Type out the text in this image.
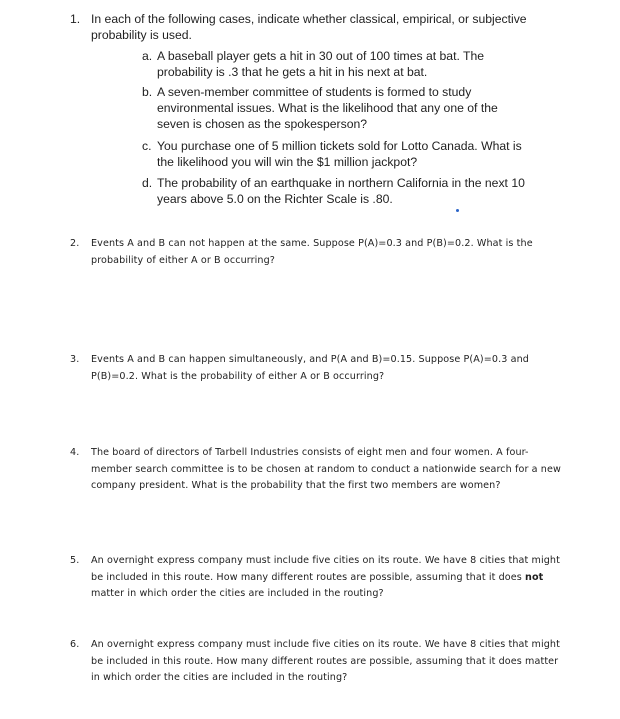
1. In each of the following cases, indicate whether classical, empirical, or subjective
probability is used.
a. A baseball player gets a hit in 30 out of 100 times at bat. The
probability is .3 that he gets a hit in his next at bat.
b. A seven-member committee of students is formed to study
environmental issues. What is the likelihood that any one of the
seven is chosen as the spokesperson?
c. You purchase one of 5 million tickets sold for Lotto Canada. What is
the likelihood you will win the $1 million jackpot?
d. The probability of an earthquake in northern California in the next 10
years above 5.0 on the Richter Scale is .80.
2. Events A and B can not happen at the same. Suppose P(A)=0.3 and P(B)=0.2. What is the
probability of either A or B occurring?
3. Events A and B can happen simultaneously, and P(A and B)=0.15. Suppose P(A)=0.3 and
P(B)=0.2. What is the probability of either A or B occurring?
4. The board of directors of Tarbell Industries consists of eight men and four women. A four-
member search committee is to be chosen at random to conduct a nationwide search for a new
company president. What is the probability that the first two members are women?
5. An overnight express company must include five cities on its route. We have 8 cities that might
be included in this route. How many different routes are possible, assuming that it does not
matter in which order the cities are included in the routing?
6. An overnight express company must include five cities on its route. We have 8 cities that might
be included in this route. How many different routes are possible, assuming that it does matter
in which order the cities are included in the routing?
